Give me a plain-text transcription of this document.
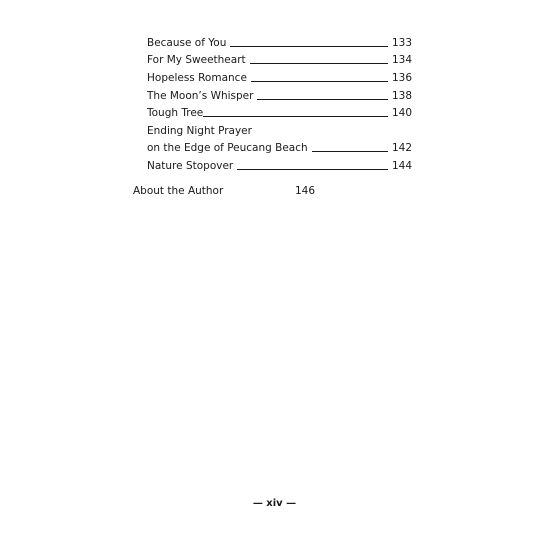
Because of You	133
For My Sweetheart	134
Hopeless Romance	136
The Moon’s Whisper	138
Tough Tree	140
Ending Night Prayer
on the Edge of Peucang Beach	142
Nature Stopover	144
About the Author	146
— xiv —
